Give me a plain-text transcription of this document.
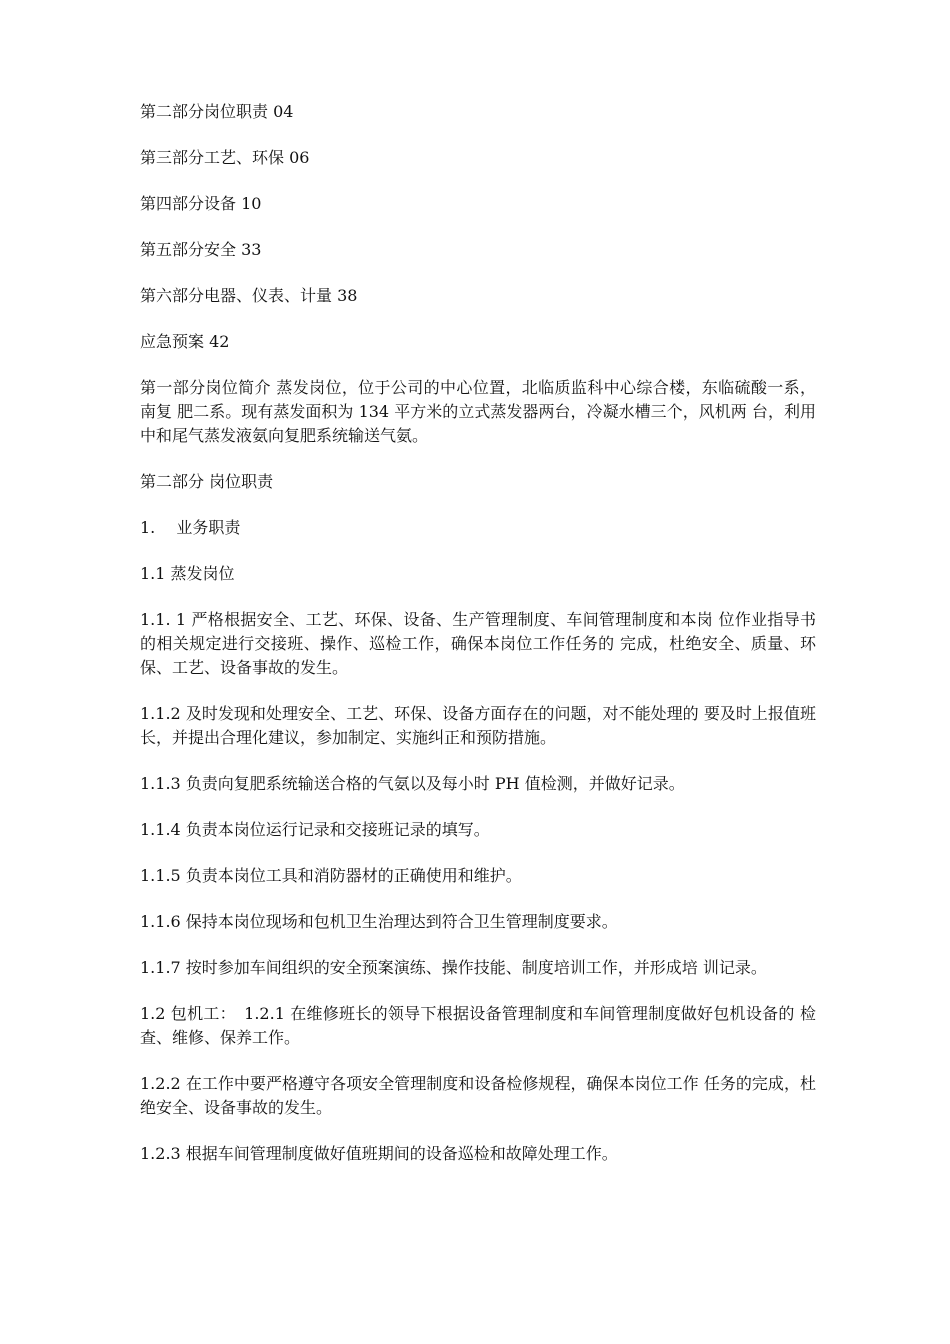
第二部分岗位职责 04

第三部分工艺、环保 06

第四部分设备 10

第五部分安全 33

第六部分电器、仪表、计量 38

应急预案 42

第一部分岗位简介 蒸发岗位，位于公司的中心位置，北临质监科中心综合楼，东临硫酸一系，南复 肥二系。现有蒸发面积为 134 平方米的立式蒸发器两台，冷凝水槽三个，风机两 台，利用中和尾气蒸发液氨向复肥系统输送气氨。

第二部分 岗位职责

1.　 业务职责

1.1 蒸发岗位

1.1. 1 严格根据安全、工艺、环保、设备、生产管理制度、车间管理制度和本岗 位作业指导书的相关规定进行交接班、操作、巡检工作，确保本岗位工作任务的 完成，杜绝安全、质量、环保、工艺、设备事故的发生。

1.1.2 及时发现和处理安全、工艺、环保、设备方面存在的问题，对不能处理的 要及时上报值班长，并提出合理化建议，参加制定、实施纠正和预防措施。

1.1.3 负责向复肥系统输送合格的气氨以及每小时 PH 值检测，并做好记录。

1.1.4 负责本岗位运行记录和交接班记录的填写。

1.1.5 负责本岗位工具和消防器材的正确使用和维护。

1.1.6 保持本岗位现场和包机卫生治理达到符合卫生管理制度要求。

1.1.7 按时参加车间组织的安全预案演练、操作技能、制度培训工作，并形成培 训记录。

1.2 包机工：　1.2.1 在维修班长的领导下根据设备管理制度和车间管理制度做好包机设备的 检查、维修、保养工作。

1.2.2 在工作中要严格遵守各项安全管理制度和设备检修规程，确保本岗位工作 任务的完成，杜绝安全、设备事故的发生。

1.2.3 根据车间管理制度做好值班期间的设备巡检和故障处理工作。
